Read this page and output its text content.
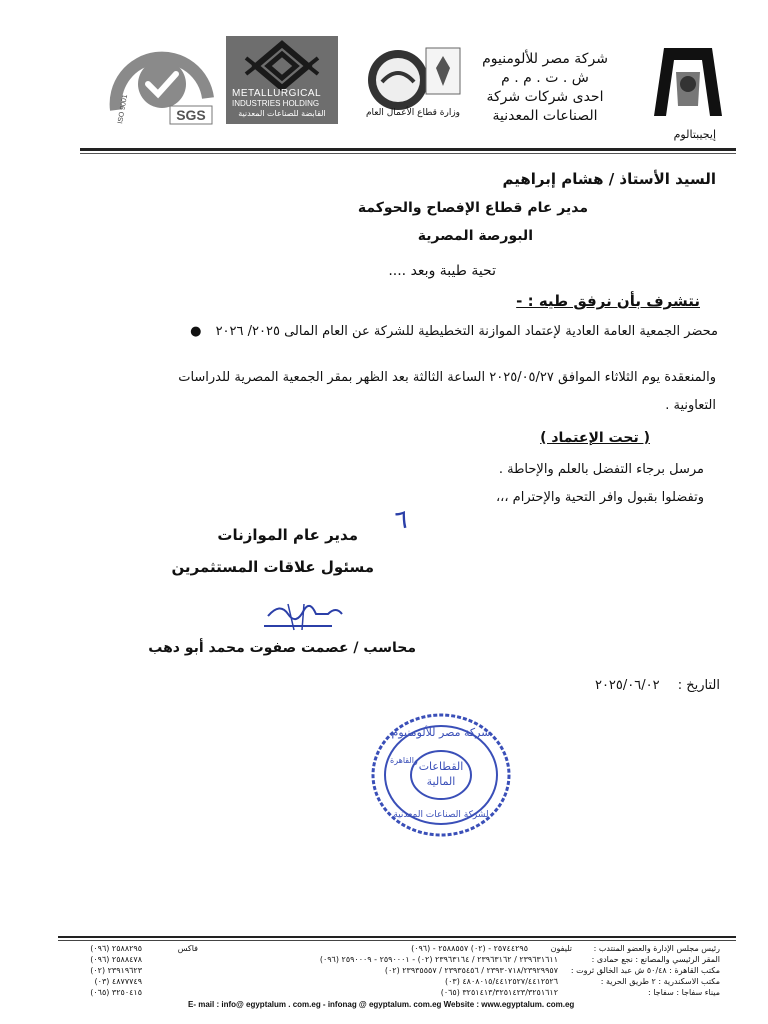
SGS
ISO 9001
METALLURGICAL
INDUSTRIES HOLDING
القابضة للصناعات المعدنية	وزارة قطاع الأعمال العام
شركة مصر للألومنيوم
ش . ت . م . م
احدى شركات شركة
الصناعات المعدنية
إيجيبتالوم
السيد الأستاذ / هشام إبراهيم
مدير عام قطاع الإفصاح والحوكمة
البورصة المصرية
تحية طيبة وبعد ....
نتشرف بأن نرفق طيه : -
محضر الجمعية العامة العادية لإعتماد الموازنة التخطيطية للشركة عن العام المالى ٢٠٢٥/ ٢٠٢٦ ●
والمنعقدة يوم الثلاثاء الموافق ٢٠٢٥/٠٥/٢٧ الساعة الثالثة بعد الظهر بمقر الجمعية المصرية للدراسات
التعاونية .
( تحت الإعتماد )
مرسل برجاء التفضل بالعلم والإحاطة .
وتفضلوا بقبول وافر التحية والإحترام ،،،
٦
مدير عام الموازنات
مسئول علاقات المستثمرين
محاسب / عصمت صفوت محمد أبو دهب
التاريخ : ٢٠٢٥/٠٦/٠٢
شركة مصر للألومنيوم
القطاعات
المالية
والقاهرة
لشركة الصناعات المعدنية
رئيس مجلس الإدارة والعضو المنتدب :
تليفون
٢٥٧٤٤٢٩٥ - (٠٢) ٢٥٨٨٥٥٧ - (٠٩٦)
فاكس
٢٥٨٨٢٩٥ (٠٩٦)
المقر الرئيسي والمصانع : نجع حمادى :
٢٣٩٦٣١٦١١ / ٢٣٩٦٣١٦٢ / ٢٣٩٦٣١٦٤ (٠٢) - ٢٥٩٠٠٠١ - ٢٥٩٠٠٠٩ (٠٩٦)
٢٥٨٨٤٧٨ (٠٩٦)
مكتب القاهرة : ٥٠/٤٨ ش عبد الخالق ثروت :
٢٣٩٣٠٧١٨/٢٣٩٢٩٩٥٧ / ٢٣٩٣٥٤٥٦ / ٢٣٩٣٥٥٥٧ (٠٢)
٢٣٩١٩٦٢٣ (٠٢)
مكتب الاسكندرية : ٢ طريق الحرية :
٤٨٠٨٠١٥/٤٤١٢٥٢٧/٤٤١٢٥٢٦ (٠٣)
٤٨٧٧٧٤٩ (٠٣)
ميناء سفاجا : سفاجا :
٣٢٥١٤١٣/٣٢٥١٤٢٣/٣٢٥١٦١٢ (٠٦٥)
٣٢٥٠٤١٥ (٠٦٥)
E- mail : info@ egyptalum . com.eg - infonag @ egyptalum. com.eg Website : www.egyptalum. com.eg
